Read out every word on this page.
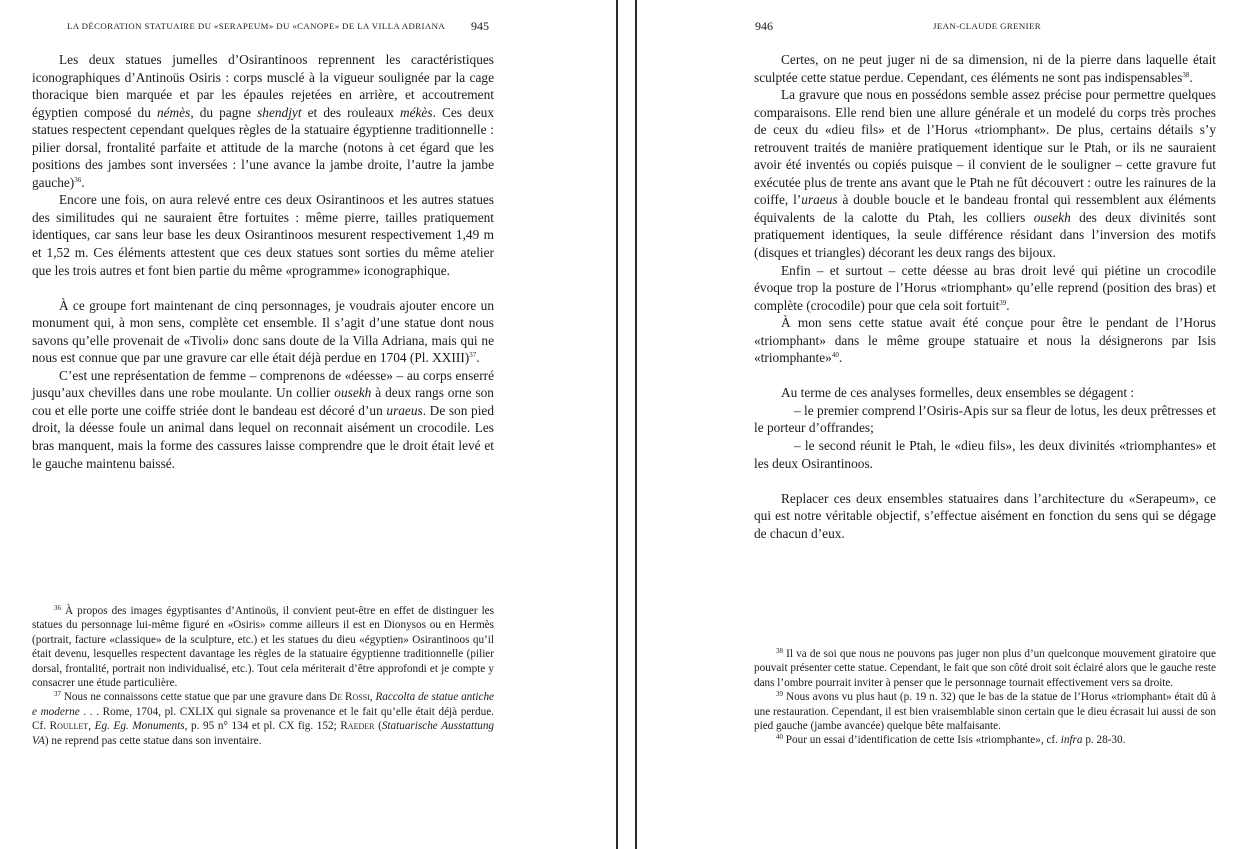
LA DÉCORATION STATUAIRE DU «SERAPEUM» DU «CANOPE» DE LA VILLA ADRIANA 945

Les deux statues jumelles d’Osirantinoos reprennent les caractéristiques iconographiques d’Antinoüs Osiris : corps musclé à la vigueur soulignée par la cage thoracique bien marquée et par les épaules rejetées en arrière, et accoutrement égyptien composé du némès, du pagne shendjyt et des rouleaux mékès. Ces deux statues respectent cependant quelques règles de la statuaire égyptienne traditionnelle : pilier dorsal, frontalité parfaite et attitude de la marche (notons à cet égard que les positions des jambes sont inversées : l’une avance la jambe droite, l’autre la jambe gauche)$^{36}$.

Encore une fois, on aura relevé entre ces deux Osirantinoos et les autres statues des similitudes qui ne sauraient être fortuites : même pierre, tailles pratiquement identiques, car sans leur base les deux Osirantinoos mesurent respectivement 1,49 m et 1,52 m. Ces éléments attestent que ces deux statues sont sorties du même atelier que les trois autres et font bien partie du même «programme» iconographique.

À ce groupe fort maintenant de cinq personnages, je voudrais ajouter encore un monument qui, à mon sens, complète cet ensemble. Il s’agit d’une statue dont nous savons qu’elle provenait de «Tivoli» donc sans doute de la Villa Adriana, mais qui ne nous est connue que par une gravure car elle était déjà perdue en 1704 (Pl. XXIII)$^{37}$.

C’est une représentation de femme – comprenons de «déesse» – au corps enserré jusqu’aux chevilles dans une robe moulante. Un collier ousekh à deux rangs orne son cou et elle porte une coiffe striée dont le bandeau est décoré d’un uraeus. De son pied droit, la déesse foule un animal dans lequel on reconnait aisément un crocodile. Les bras manquent, mais la forme des cassures laisse comprendre que le droit était levé et le gauche maintenu baissé.

$^{36}$ À propos des images égyptisantes d’Antinoüs, il convient peut-être en effet de distinguer les statues du personnage lui-même figuré en «Osiris» comme ailleurs il est en Dionysos ou en Hermès (portrait, facture «classique» de la sculpture, etc.) et les statues du dieu «égyptien» Osirantinoos qu’il était devenu, lesquelles respectent davantage les règles de la statuaire égyptienne traditionnelle (pilier dorsal, frontalité, portrait non individualisé, etc.). Tout cela mériterait d’être approfondi et je compte y consacrer une étude particulière.

$^{37}$ Nous ne connaissons cette statue que par une gravure dans De Rossi, Raccolta de statue antiche e moderne . . . Rome, 1704, pl. CXLIX qui signale sa provenance et le fait qu’elle était déjà perdue. Cf. Roullet, Eg. Eg. Monuments, p. 95 n° 134 et pl. CX fig. 152; Raeder (Statuarische Ausstattung VA) ne reprend pas cette statue dans son inventaire.

946	JEAN-CLAUDE GRENIER

Certes, on ne peut juger ni de sa dimension, ni de la pierre dans laquelle était sculptée cette statue perdue. Cependant, ces éléments ne sont pas indispensables$^{38}$.

La gravure que nous en possédons semble assez précise pour permettre quelques comparaisons. Elle rend bien une allure générale et un modelé du corps très proches de ceux du «dieu fils» et de l’Horus «triomphant». De plus, certains détails s’y retrouvent traités de manière pratiquement identique sur le Ptah, or ils ne sauraient avoir été inventés ou copiés puisque – il convient de le souligner – cette gravure fut exécutée plus de trente ans avant que le Ptah ne fût découvert : outre les rainures de la coiffe, l’uraeus à double boucle et le bandeau frontal qui ressemblent aux éléments équivalents de la calotte du Ptah, les colliers ousekh des deux divinités sont pratiquement identiques, la seule différence résidant dans l’inversion des motifs (disques et triangles) décorant les deux rangs des bijoux.

Enfin – et surtout – cette déesse au bras droit levé qui piétine un crocodile évoque trop la posture de l’Horus «triomphant» qu’elle reprend (position des bras) et complète (crocodile) pour que cela soit fortuit$^{39}$.

À mon sens cette statue avait été conçue pour être le pendant de l’Horus «triomphant» dans le même groupe statuaire et nous la désignerons par Isis «triomphante»$^{40}$.

Au terme de ces analyses formelles, deux ensembles se dégagent :

– le premier comprend l’Osiris-Apis sur sa fleur de lotus, les deux prêtresses et le porteur d’offrandes;

– le second réunit le Ptah, le «dieu fils», les deux divinités «triomphantes» et les deux Osirantinoos.

Replacer ces deux ensembles statuaires dans l’architecture du «Serapeum», ce qui est notre véritable objectif, s’effectue aisément en fonction du sens qui se dégage de chacun d’eux.

$^{38}$ Il va de soi que nous ne pouvons pas juger non plus d’un quelconque mouvement giratoire que pouvait présenter cette statue. Cependant, le fait que son côté droit soit éclairé alors que le gauche reste dans l’ombre pourrait inviter à penser que le personnage tournait effectivement vers sa droite.

$^{39}$ Nous avons vu plus haut (p. 19 n. 32) que le bas de la statue de l’Horus «triomphant» était dû à une restauration. Cependant, il est bien vraisemblable sinon certain que le dieu écrasait lui aussi de son pied gauche (jambe avancée) quelque bête malfaisante.

$^{40}$ Pour un essai d’identification de cette Isis «triomphante», cf. infra p. 28-30.
